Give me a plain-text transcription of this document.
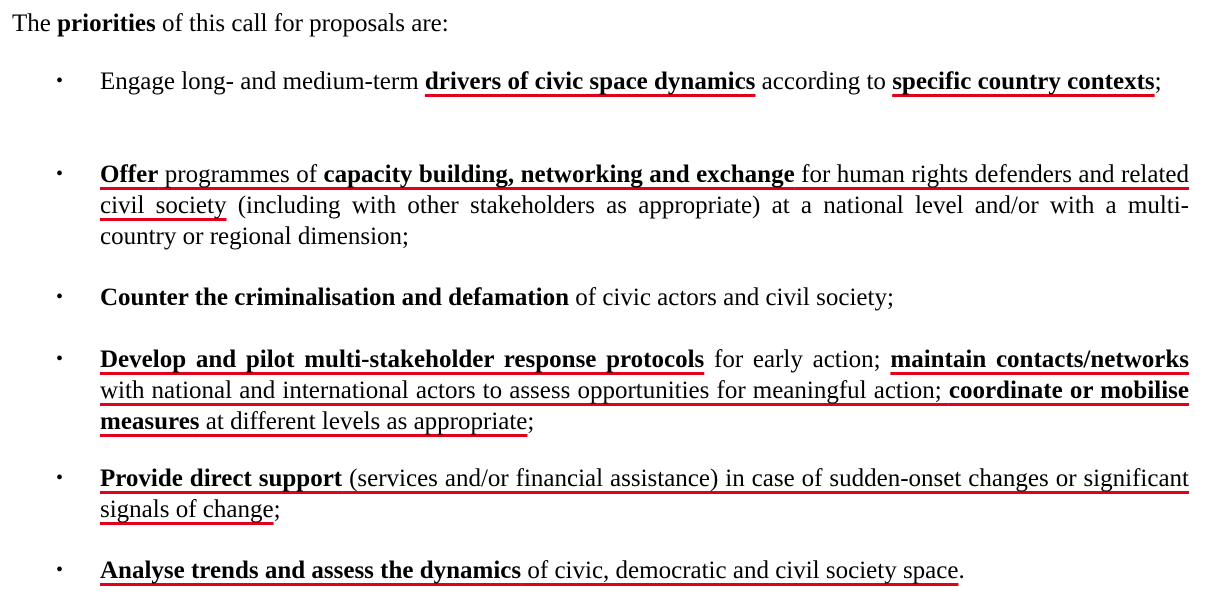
The priorities of this call for proposals are:

• Engage long- and medium-term drivers of civic space dynamics according to specific country contexts;
• Offer programmes of capacity building, networking and exchange for human rights defenders and related civil society (including with other stakeholders as appropriate) at a national level and/or with a multi-country or regional dimension;
• Counter the criminalisation and defamation of civic actors and civil society;
• Develop and pilot multi-stakeholder response protocols for early action; maintain contacts/networks with national and international actors to assess opportunities for meaningful action; coordinate or mobilise measures at different levels as appropriate;
• Provide direct support (services and/or financial assistance) in case of sudden-onset changes or significant signals of change;
• Analyse trends and assess the dynamics of civic, democratic and civil society space.
